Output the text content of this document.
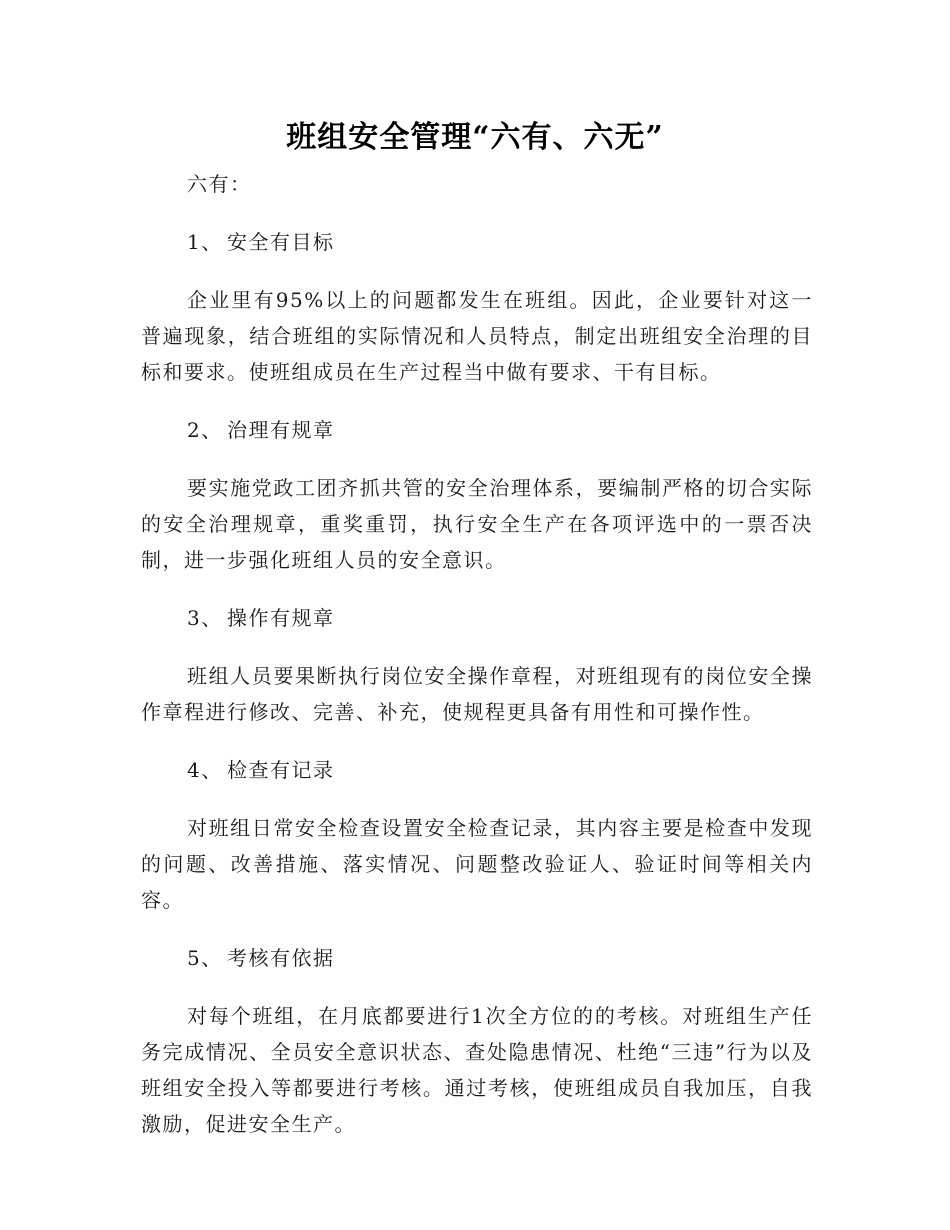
班组安全管理“六有、六无”

六有：

1、 安全有目标

企业里有95%以上的问题都发生在班组。因此，企业要针对这一普遍现象，结合班组的实际情况和人员特点，制定出班组安全治理的目标和要求。使班组成员在生产过程当中做有要求、干有目标。

2、 治理有规章

要实施党政工团齐抓共管的安全治理体系，要编制严格的切合实际的安全治理规章，重奖重罚，执行安全生产在各项评选中的一票否决制，进一步强化班组人员的安全意识。

3、 操作有规章

班组人员要果断执行岗位安全操作章程，对班组现有的岗位安全操作章程进行修改、完善、补充，使规程更具备有用性和可操作性。

4、 检查有记录

对班组日常安全检查设置安全检查记录，其内容主要是检查中发现的问题、改善措施、落实情况、问题整改验证人、验证时间等相关内容。

5、 考核有依据

对每个班组，在月底都要进行1次全方位的的考核。对班组生产任务完成情况、全员安全意识状态、查处隐患情况、杜绝“三违”行为以及班组安全投入等都要进行考核。通过考核，使班组成员自我加压，自我激励，促进安全生产。
